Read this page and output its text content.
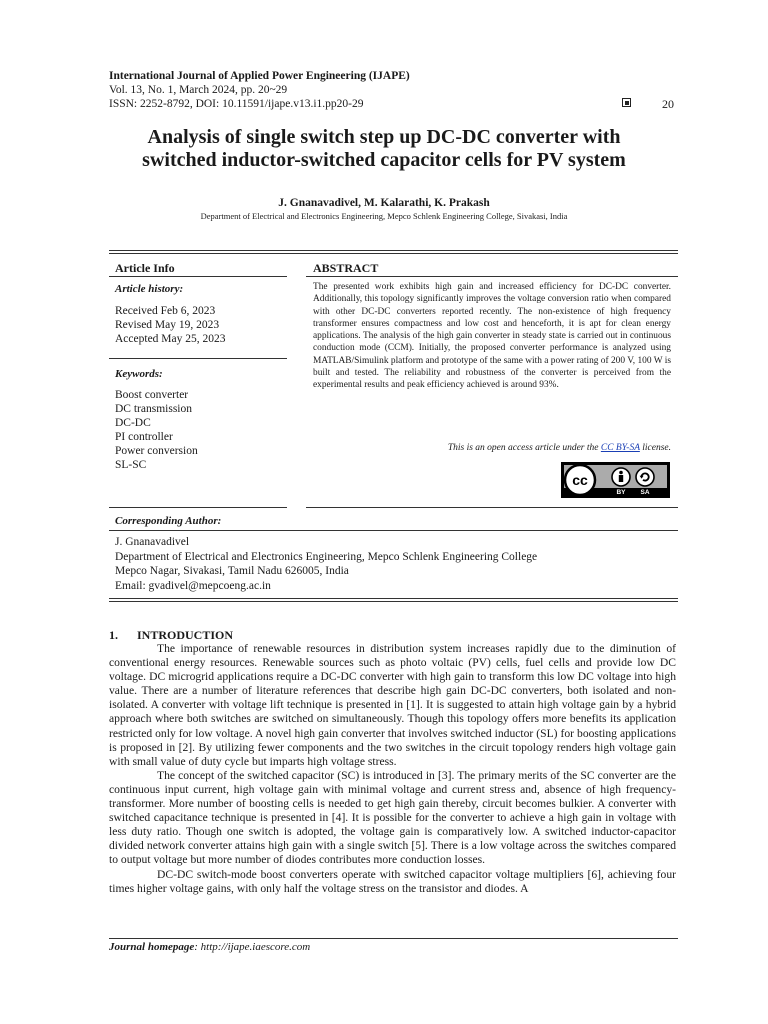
International Journal of Applied Power Engineering (IJAPE)
Vol. 13, No. 1, March 2024, pp. 20~29
ISSN: 2252-8792, DOI: 10.11591/ijape.v13.i1.pp20-29	20
Analysis of single switch step up DC-DC converter with
switched inductor-switched capacitor cells for PV system
J. Gnanavadivel, M. Kalarathi, K. Prakash
Department of Electrical and Electronics Engineering, Mepco Schlenk Engineering College, Sivakasi, India
Article Info
Article history:
Received Feb 6, 2023
Revised May 19, 2023
Accepted May 25, 2023
Keywords:
Boost converter
DC transmission
DC-DC
PI controller
Power conversion
SL-SC
ABSTRACT
The presented work exhibits high gain and increased efficiency for DC-DC converter. Additionally, this topology significantly improves the voltage conversion ratio when compared with other DC-DC converters reported recently. The non-existence of high frequency transformer ensures compactness and low cost and henceforth, it is apt for clean energy applications. The analysis of the high gain converter in steady state is carried out in continuous conduction mode (CCM). Initially, the proposed converter performance is analyzed using MATLAB/Simulink platform and prototype of the same with a power rating of 200 V, 100 W is built and tested. The reliability and robustness of the converter is perceived from the experimental results and peak efficiency achieved is around 93%.
This is an open access article under the CC BY-SA license.
cc
BY SA
Corresponding Author:
J. Gnanavadivel
Department of Electrical and Electronics Engineering, Mepco Schlenk Engineering College
Mepco Nagar, Sivakasi, Tamil Nadu 626005, India
Email: gvadivel@mepcoeng.ac.in
1. INTRODUCTION

The importance of renewable resources in distribution system increases rapidly due to the diminution of conventional energy resources. Renewable sources such as photo voltaic (PV) cells, fuel cells and provide low DC voltage. DC microgrid applications require a DC-DC converter with high gain to transform this low DC voltage into high value. There are a number of literature references that describe high gain DC-DC converters, both isolated and non-isolated. A converter with voltage lift technique is presented in [1]. It is suggested to attain high voltage gain by a hybrid approach where both switches are switched on simultaneously. Though this topology offers more benefits its application restricted only for low voltage. A novel high gain converter that involves switched inductor (SL) for boosting applications is proposed in [2]. By utilizing fewer components and the two switches in the circuit topology renders high voltage gain with small value of duty cycle but imparts high voltage stress.

The concept of the switched capacitor (SC) is introduced in [3]. The primary merits of the SC converter are the continuous input current, high voltage gain with minimal voltage and current stress and, absence of high frequency-transformer. More number of boosting cells is needed to get high gain thereby, circuit becomes bulkier. A converter with switched capacitance technique is presented in [4]. It is possible for the converter to achieve a high gain in voltage with less duty ratio. Though one switch is adopted, the voltage gain is comparatively low. A switched inductor-capacitor divided network converter attains high gain with a single switch [5]. There is a low voltage across the switches compared to output voltage but more number of diodes contributes more conduction losses.

DC-DC switch-mode boost converters operate with switched capacitor voltage multipliers [6], achieving four times higher voltage gains, with only half the voltage stress on the transistor and diodes. A

Journal homepage: http://ijape.iaescore.com
